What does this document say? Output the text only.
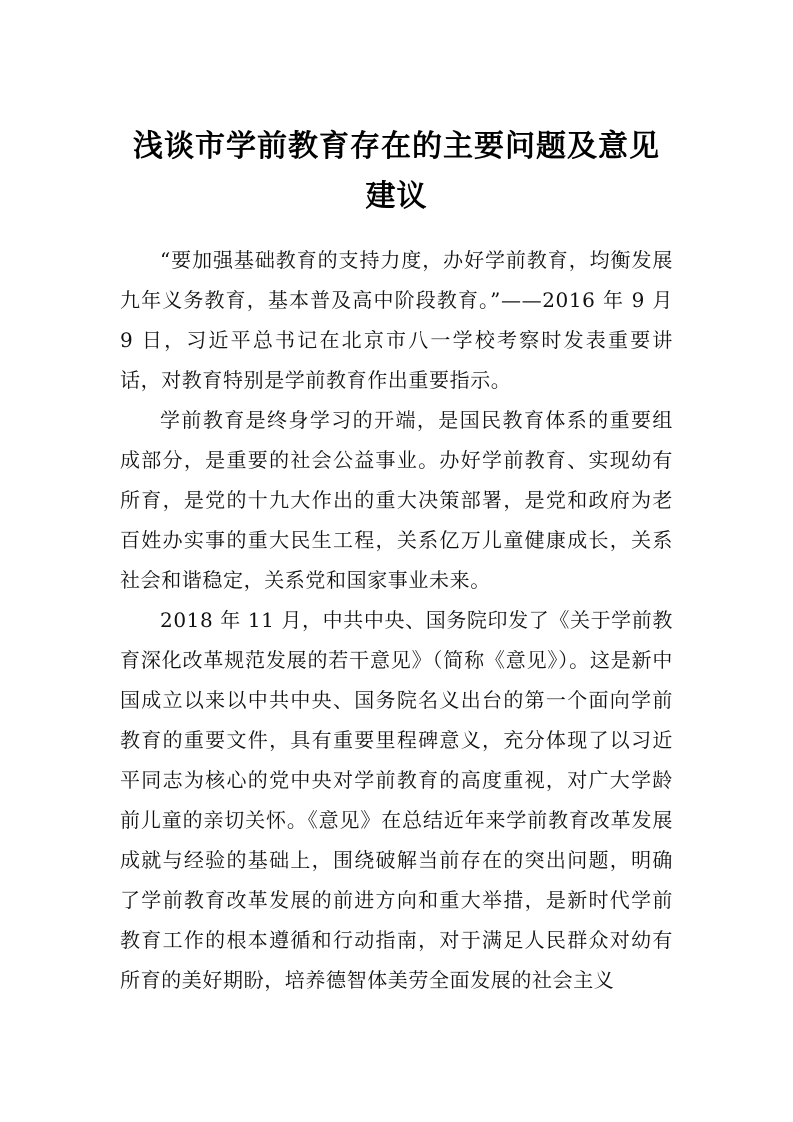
浅谈市学前教育存在的主要问题及意见建议

“要加强基础教育的支持力度，办好学前教育，均衡发展九年义务教育，基本普及高中阶段教育。”——2016 年 9 月 9 日，习近平总书记在北京市八一学校考察时发表重要讲话，对教育特别是学前教育作出重要指示。

学前教育是终身学习的开端，是国民教育体系的重要组成部分，是重要的社会公益事业。办好学前教育、实现幼有所育，是党的十九大作出的重大决策部署，是党和政府为老百姓办实事的重大民生工程，关系亿万儿童健康成长，关系社会和谐稳定，关系党和国家事业未来。

2018 年 11 月，中共中央、国务院印发了《关于学前教育深化改革规范发展的若干意见》（简称《意见》）。这是新中国成立以来以中共中央、国务院名义出台的第一个面向学前教育的重要文件，具有重要里程碑意义，充分体现了以习近平同志为核心的党中央对学前教育的高度重视，对广大学龄前儿童的亲切关怀。《意见》在总结近年来学前教育改革发展成就与经验的基础上，围绕破解当前存在的突出问题，明确了学前教育改革发展的前进方向和重大举措，是新时代学前教育工作的根本遵循和行动指南，对于满足人民群众对幼有所育的美好期盼，培养德智体美劳全面发展的社会主义
